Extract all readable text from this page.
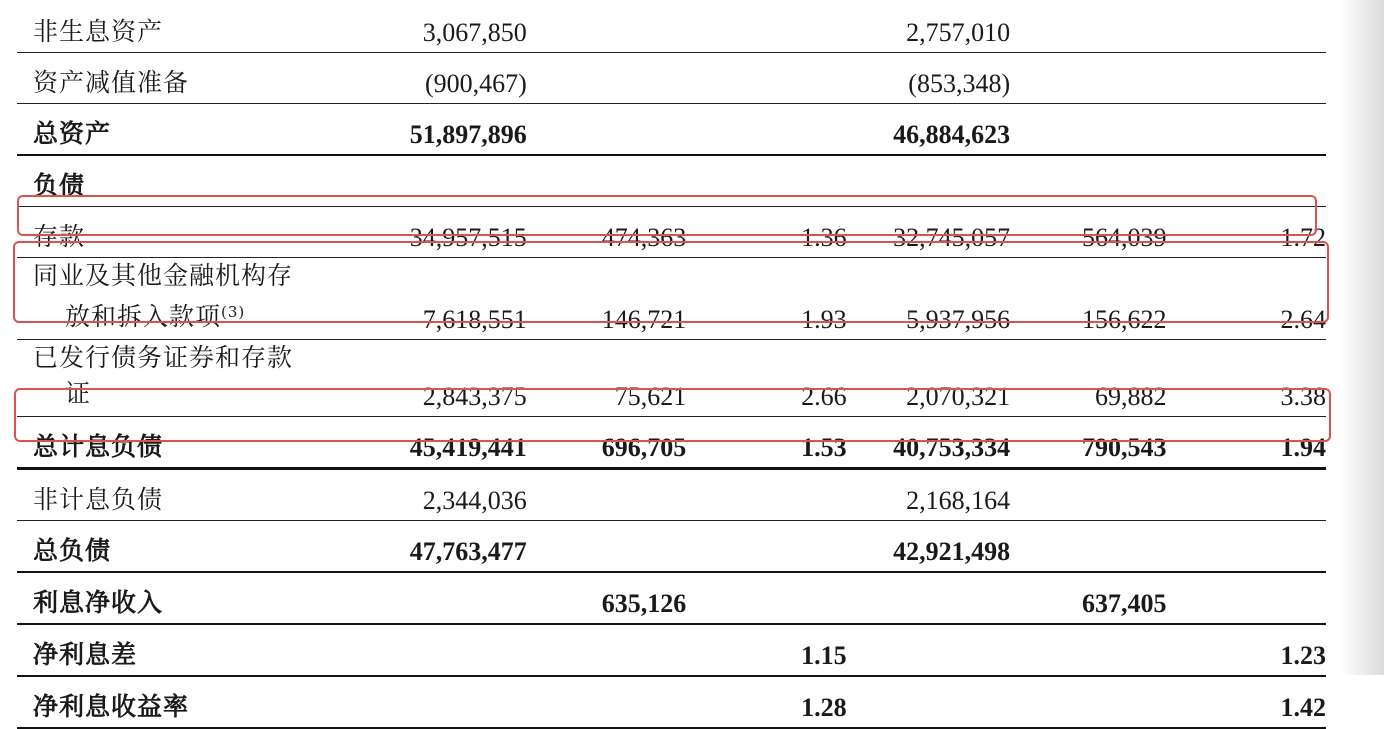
非生息资产	3,067,850			2,757,010		
资产减值准备	(900,467)			(853,348)		
总资产	51,897,896			46,884,623		
负债						
存款	34,957,515	474,363	1.36	32,745,057	564,039	1.72

同业及其他金融机构存
放和拆入款项$^{(3)}$	7,618,551	146,721	1.93	5,937,956	156,622	2.64

已发行债务证券和存款
证	2,843,375	75,621	2.66	2,070,321	69,882	3.38
总计息负债	45,419,441	696,705	1.53	40,753,334	790,543	1.94
非计息负债	2,344,036			2,168,164		
总负债	47,763,477			42,921,498		
利息净收入		635,126			637,405	
净利息差			1.15			1.23
净利息收益率			1.28			1.42
